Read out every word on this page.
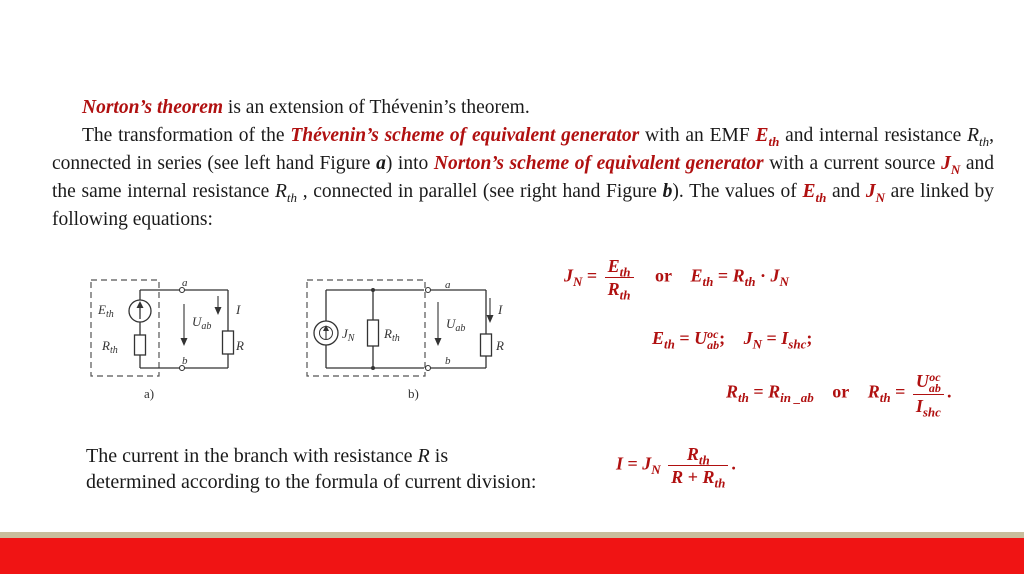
Norton’s theorem is an extension of Thévenin’s theorem.
The transformation of the Thévenin’s scheme of equivalent generator with an EMF $E_{th}$ and internal resistance $R_{th}$, connected in series (see left hand Figure a) into Norton’s scheme of equivalent generator with a current source $J_N$ and the same internal resistance $R_{th}$ , connected in parallel (see right hand Figure b). The values of $E_{th}$ and $J_N$ are linked by following equations:
$E_{th}$
$R_{th}$
a
b
$U_{ab}$
I
R
a)
$J_N$ $R_{th}$
a
b
$U_{ab}$
I
R
b)
$J_N = \frac{E_{th}}{R_{th}}$ or $E_{th} = R_{th} \cdot J_N$
$E_{th} = U$ oc
ab ; $J_N = I_{shc}$;
$R_{th} = R_{in \_ab}$ or $R_{th} = U$ oc
ab
$I_{shc}$ .
The current in the branch with resistance R is
determined according to the formula of current division:
$I = J_N \frac{R_{th}}{R + R_{th}}$ .
